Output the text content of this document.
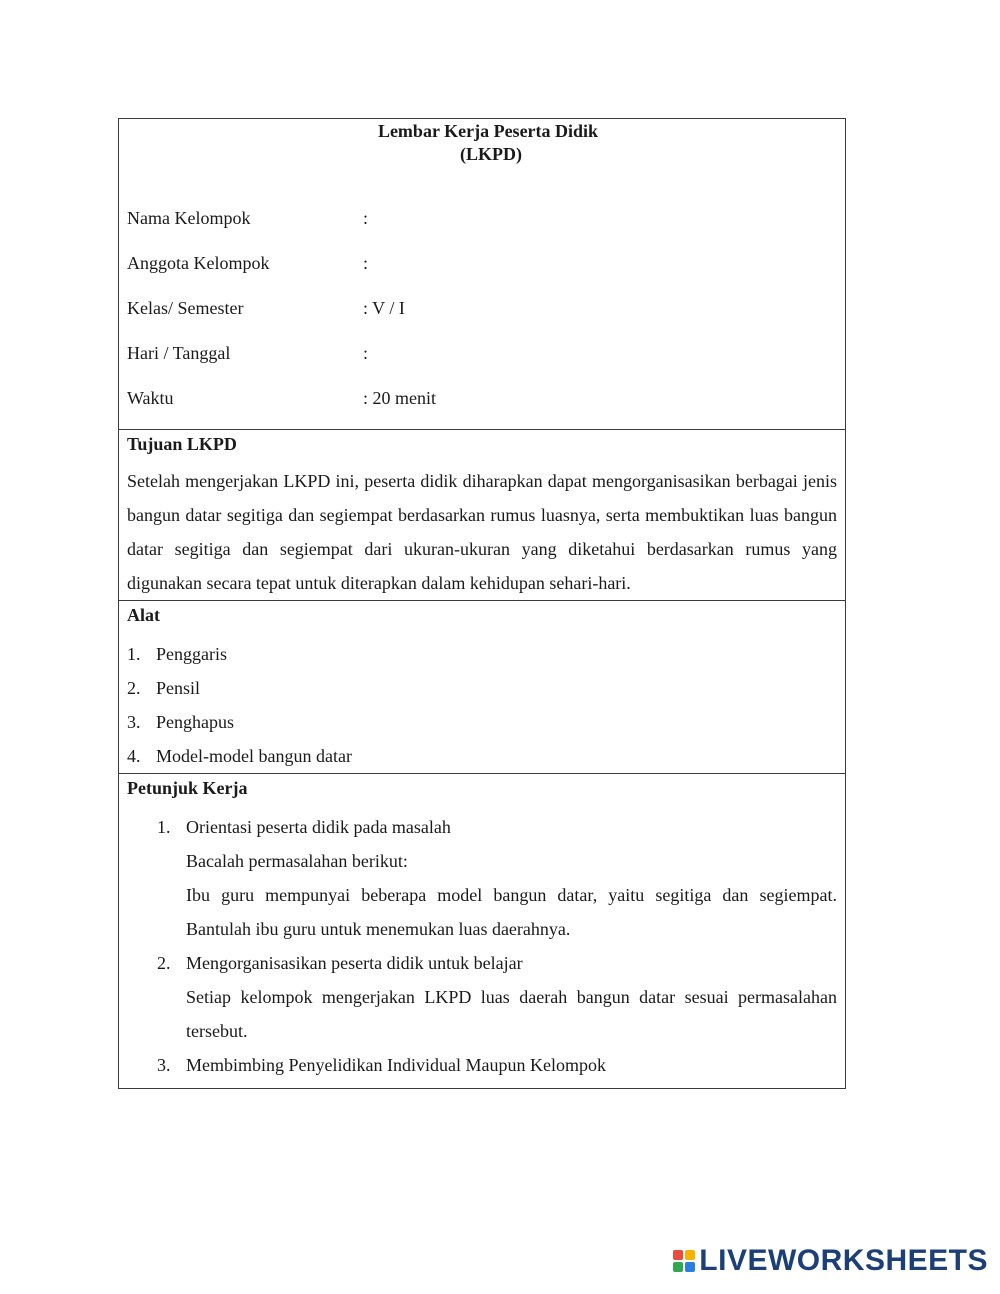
Lembar Kerja Peserta Didik
(LKPD)
Nama Kelompok	:
Anggota Kelompok	:
Kelas/ Semester	: V / I
Hari / Tanggal	:
Waktu	: 20 menit
Tujuan LKPD
Setelah mengerjakan LKPD ini, peserta didik diharapkan dapat mengorganisasikan berbagai jenis bangun datar segitiga dan segiempat berdasarkan rumus luasnya, serta membuktikan luas bangun datar segitiga dan segiempat dari ukuran-ukuran yang diketahui berdasarkan rumus yang digunakan secara tepat untuk diterapkan dalam kehidupan sehari-hari.
Alat
1. Penggaris
2. Pensil
3. Penghapus
4. Model-model bangun datar
Petunjuk Kerja
1. Orientasi peserta didik pada masalah
Bacalah permasalahan berikut:
Ibu guru mempunyai beberapa model bangun datar, yaitu segitiga dan segiempat. Bantulah ibu guru untuk menemukan luas daerahnya.
2. Mengorganisasikan peserta didik untuk belajar
Setiap kelompok mengerjakan LKPD luas daerah bangun datar sesuai permasalahan tersebut.
3. Membimbing Penyelidikan Individual Maupun Kelompok
LIVEWORKSHEETS
